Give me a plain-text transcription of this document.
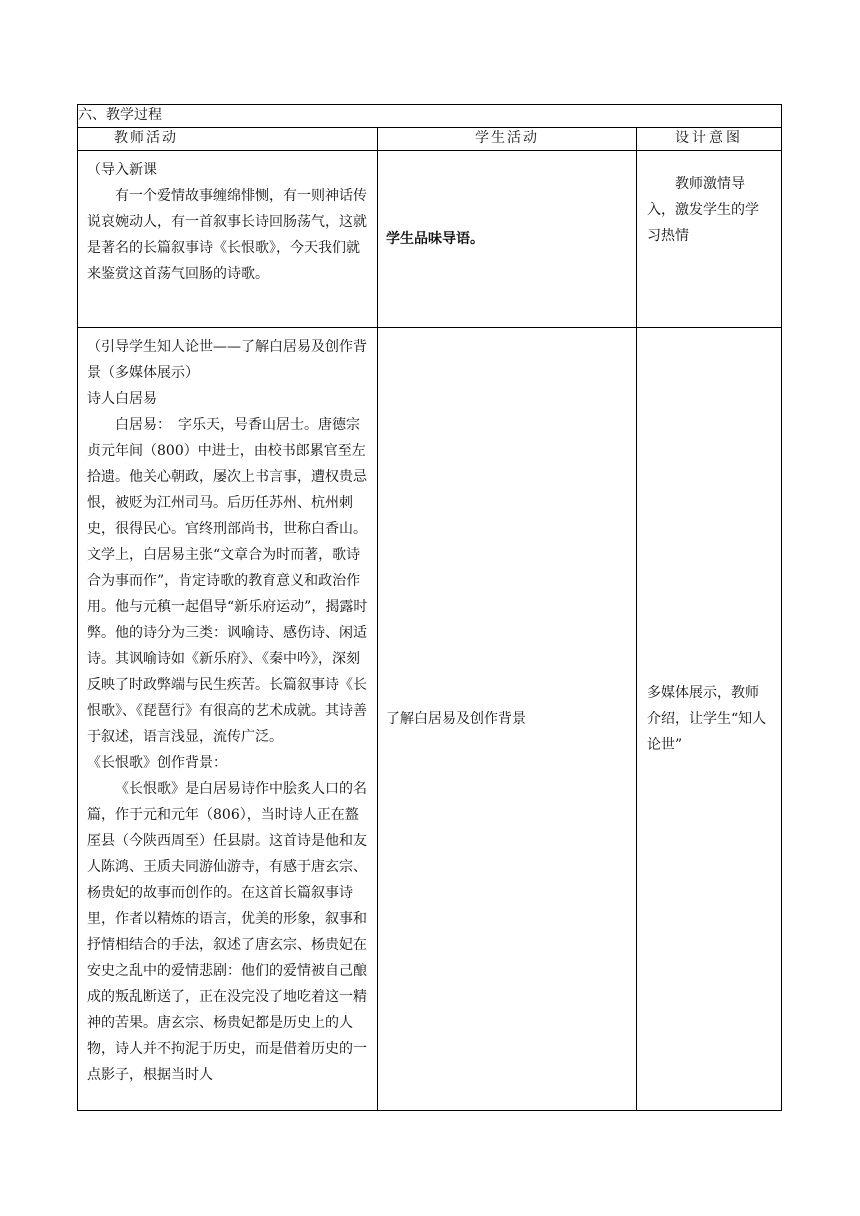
六、教学过程		
教师活动	学生活动	设计意图

（导入新课

有一个爱情故事缠绵悱恻，有一则神话传说哀婉动人，有一首叙事长诗回肠荡气，这就是著名的长篇叙事诗《长恨歌》，今天我们就来鉴赏这首荡气回肠的诗歌。	学生品味导语。	教师激情导入，激发学生的学习热情

（引导学生知人论世——了解白居易及创作背景（多媒体展示）

诗人白居易

白居易：　字乐天，号香山居士。唐德宗贞元年间（800）中进士，由校书郎累官至左拾遗。他关心朝政，屡次上书言事，遭权贵忌恨，被贬为江州司马。后历任苏州、杭州刺史，很得民心。官终刑部尚书，世称白香山。文学上，白居易主张“文章合为时而著，歌诗合为事而作”，肯定诗歌的教育意义和政治作用。他与元稹一起倡导“新乐府运动”，揭露时弊。他的诗分为三类：讽喻诗、感伤诗、闲适诗。其讽喻诗如《新乐府》、《秦中吟》，深刻反映了时政弊端与民生疾苦。长篇叙事诗《长恨歌》、《琵琶行》有很高的艺术成就。其诗善于叙述，语言浅显，流传广泛。

《长恨歌》创作背景：

《长恨歌》是白居易诗作中脍炙人口的名篇，作于元和元年（806），当时诗人正在盩厔县（今陕西周至）任县尉。这首诗是他和友人陈鸿、王质夫同游仙游寺，有感于唐玄宗、杨贵妃的故事而创作的。在这首长篇叙事诗里，作者以精炼的语言，优美的形象，叙事和抒情相结合的手法，叙述了唐玄宗、杨贵妃在安史之乱中的爱情悲剧：他们的爱情被自己酿成的叛乱断送了，正在没完没了地吃着这一精神的苦果。唐玄宗、杨贵妃都是历史上的人物，诗人并不拘泥于历史，而是借着历史的一点影子，根据当时人	了解白居易及创作背景	多媒体展示，教师介绍，让学生“知人论世”
